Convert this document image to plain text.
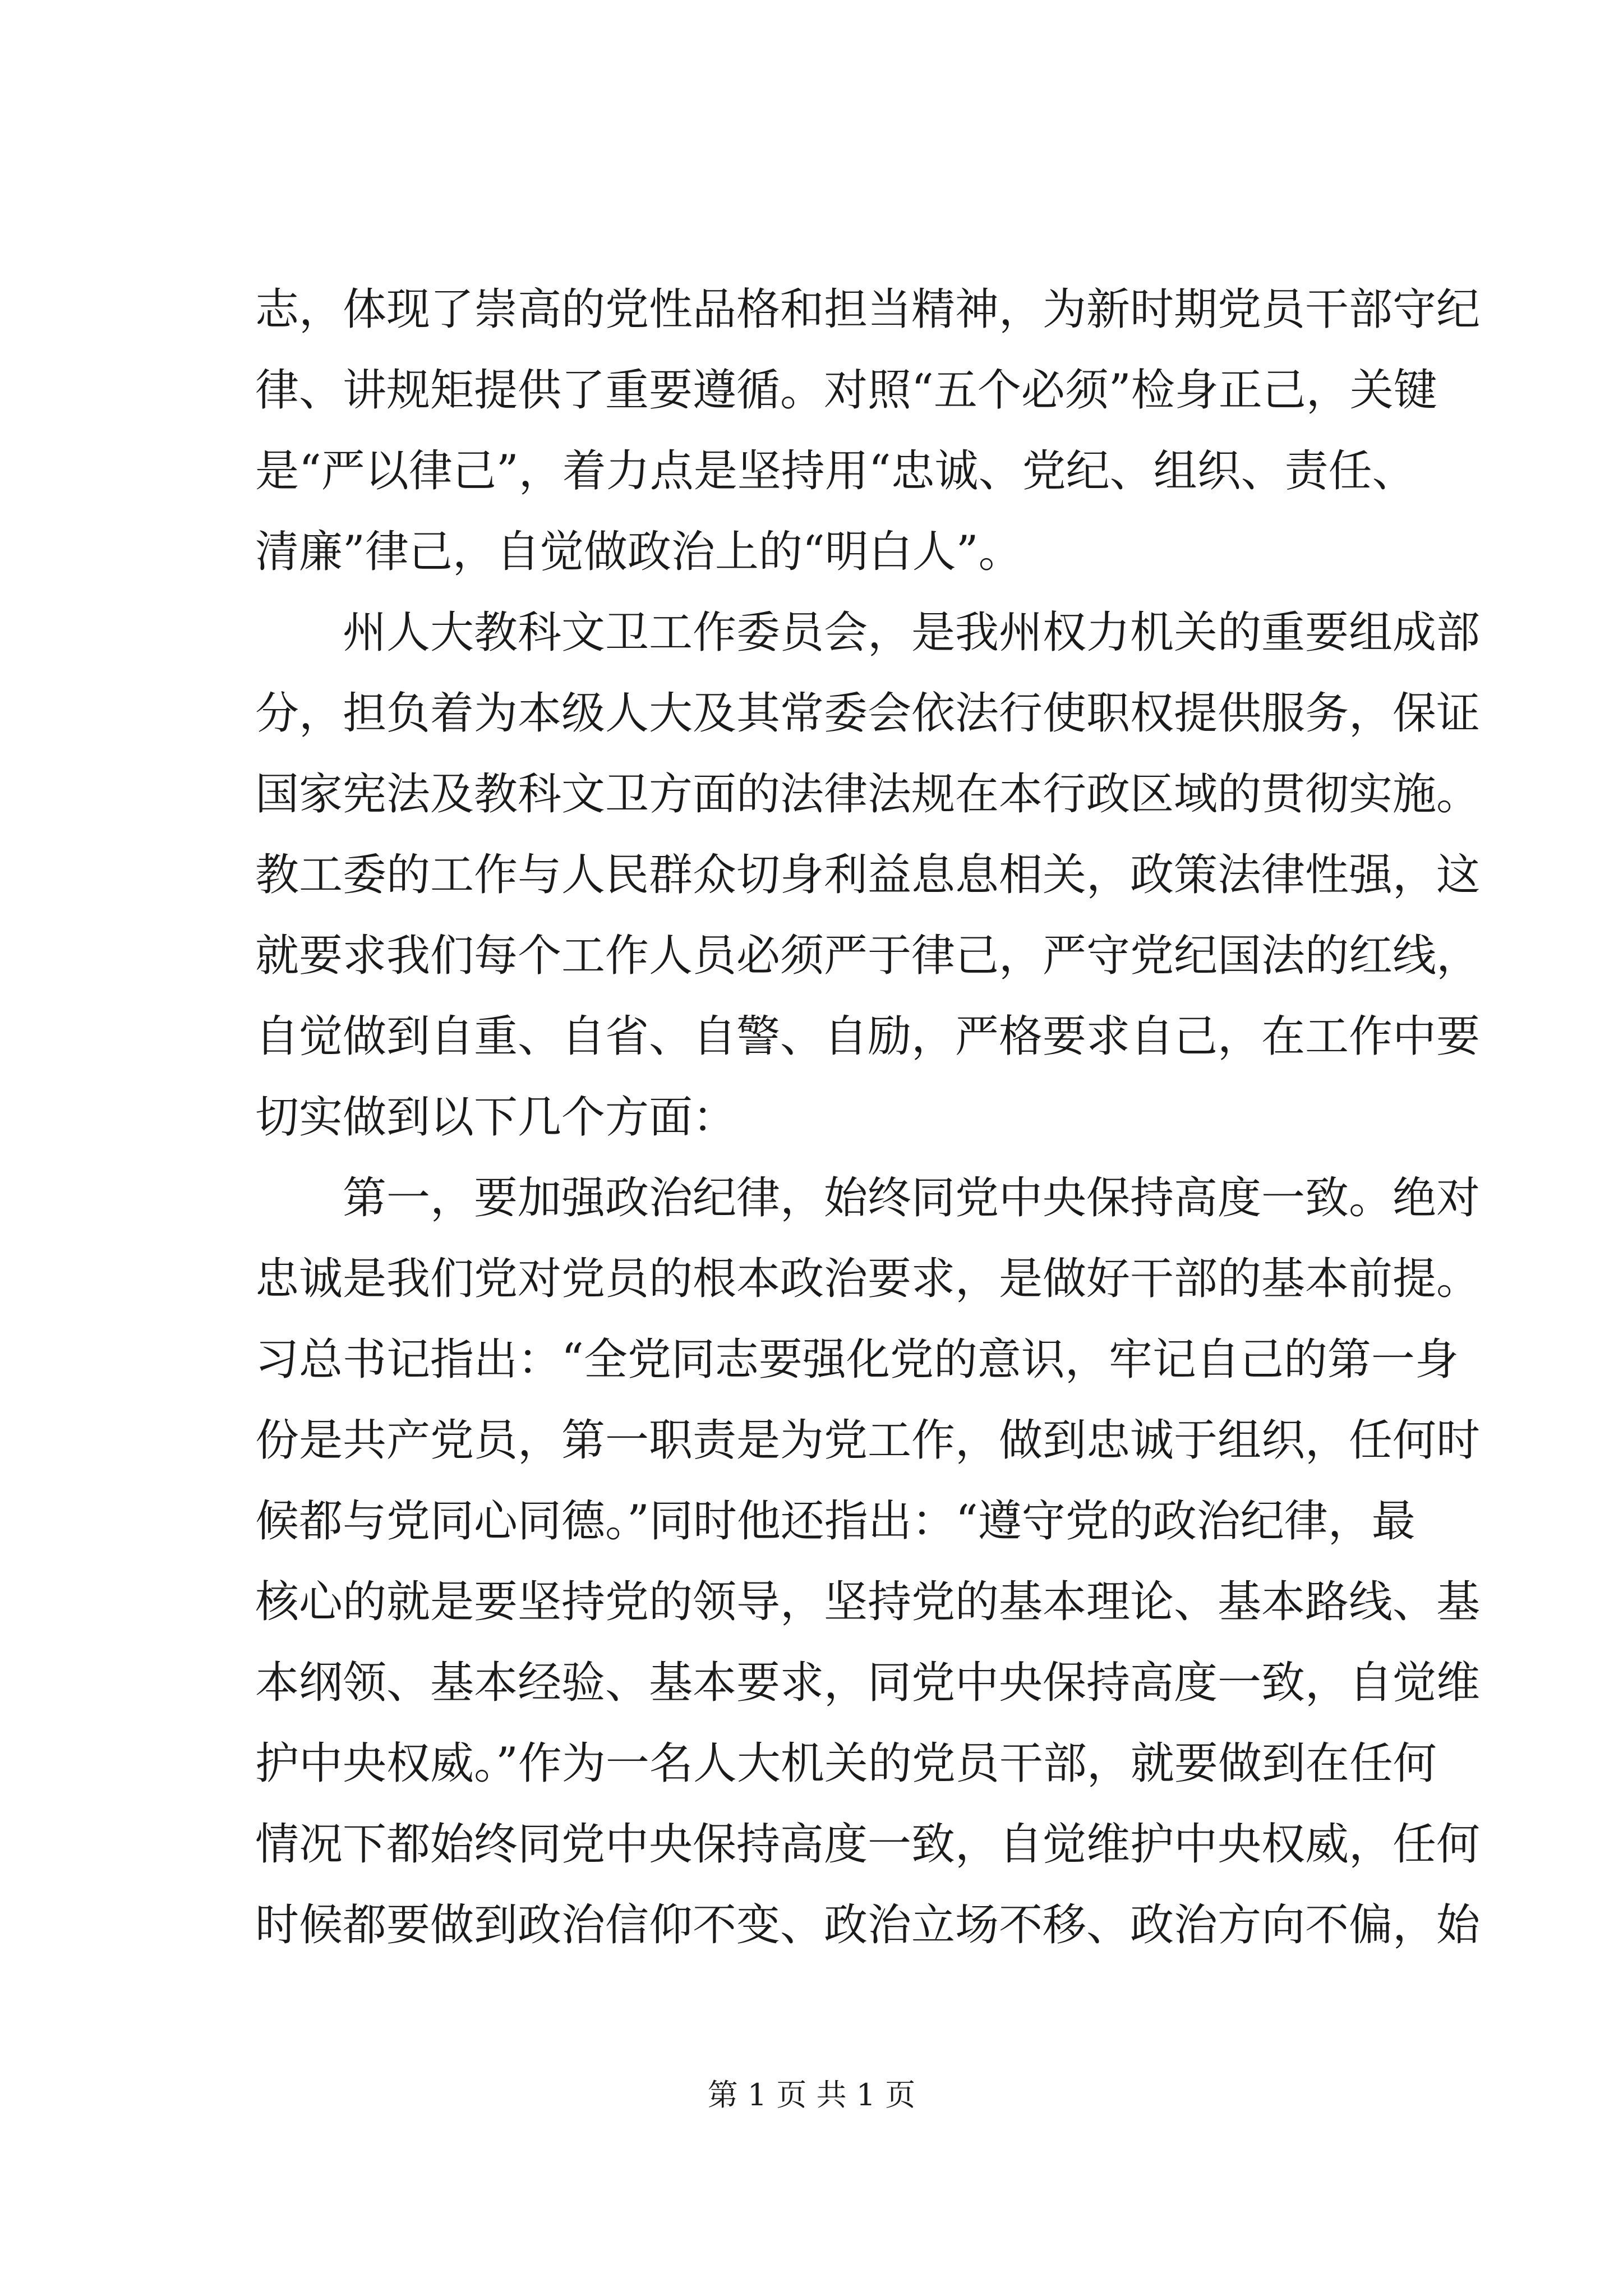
志，体现了崇高的党性品格和担当精神，为新时期党员干部守纪
律、讲规矩提供了重要遵循。对照“五个必须”检身正己，关键
是“严以律己”，着力点是坚持用“忠诚、党纪、组织、责任、
清廉”律己，自觉做政治上的“明白人”。
州人大教科文卫工作委员会，是我州权力机关的重要组成部
分，担负着为本级人大及其常委会依法行使职权提供服务，保证
国家宪法及教科文卫方面的法律法规在本行政区域的贯彻实施。
教工委的工作与人民群众切身利益息息相关，政策法律性强，这
就要求我们每个工作人员必须严于律己，严守党纪国法的红线，
自觉做到自重、自省、自警、自励，严格要求自己，在工作中要
切实做到以下几个方面：
第一，要加强政治纪律，始终同党中央保持高度一致。绝对
忠诚是我们党对党员的根本政治要求，是做好干部的基本前提。
习总书记指出：“全党同志要强化党的意识，牢记自己的第一身
份是共产党员，第一职责是为党工作，做到忠诚于组织，任何时
候都与党同心同德。”同时他还指出：“遵守党的政治纪律，最
核心的就是要坚持党的领导，坚持党的基本理论、基本路线、基
本纲领、基本经验、基本要求，同党中央保持高度一致，自觉维
护中央权威。”作为一名人大机关的党员干部，就要做到在任何
情况下都始终同党中央保持高度一致，自觉维护中央权威，任何
时候都要做到政治信仰不变、政治立场不移、政治方向不偏，始
第 1 页 共 1 页
